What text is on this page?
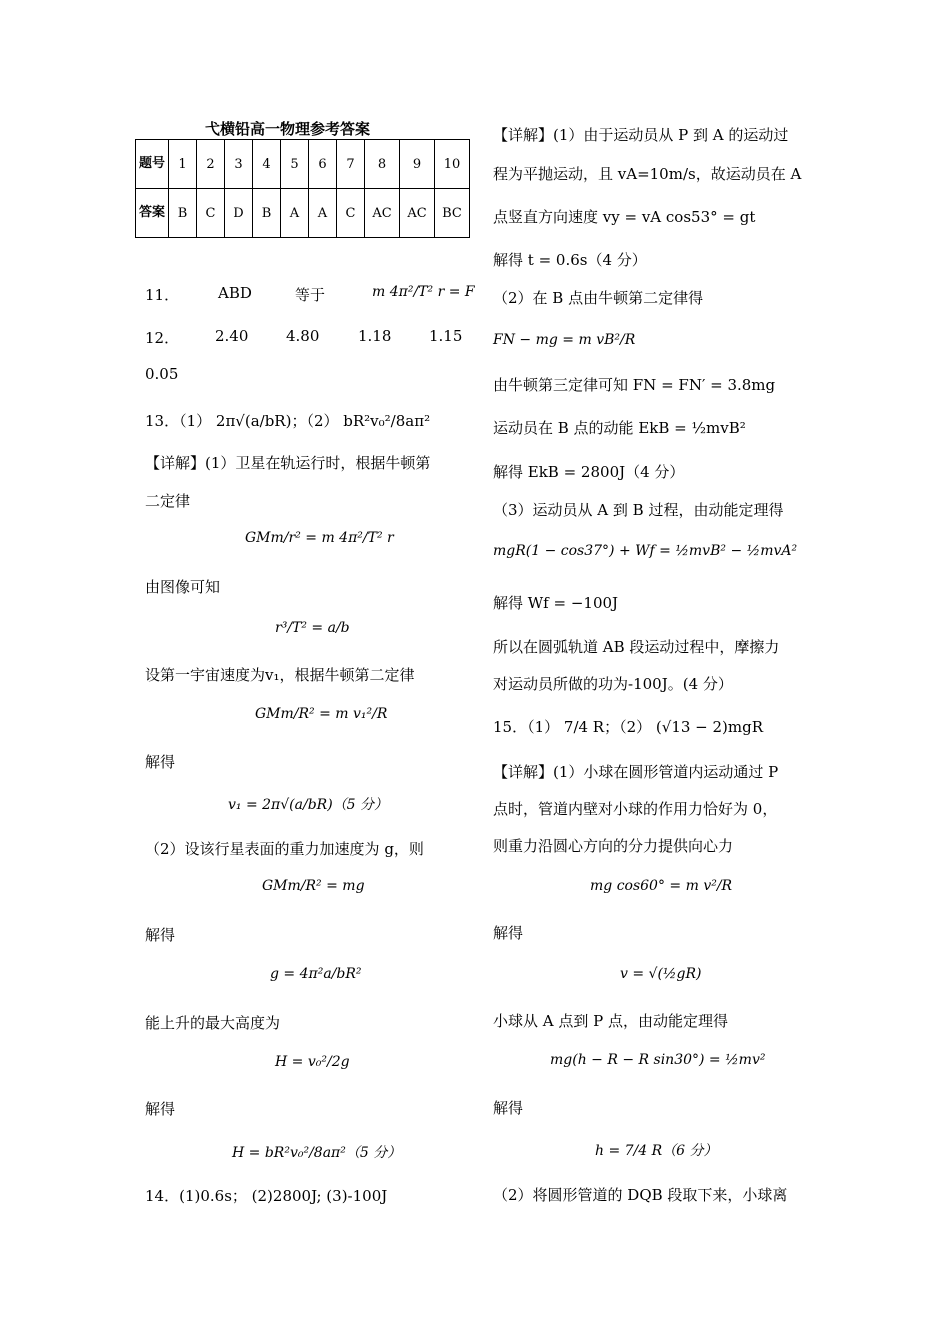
弋横铅高一物理参考答案
题号	1	2	3	4	5	6	7	8	9	10
答案	B	C	D	B	A	A	C	AC	AC	BC
11．	ABD	等于	m 4π²/T² r = F
12． 2.40	4.80	1.18	1.15
0.05
13．（1） 2π√(a/bR)；（2） bR²v₀²/8aπ²
【详解】(1）卫星在轨运行时，根据牛顿第
二定律
GMm/r² = m 4π²/T² r
由图像可知
r³/T² = a/b
设第一宇宙速度为v₁，根据牛顿第二定律
GMm/R² = m v₁²/R
解得
v₁ = 2π√(a/bR)（5 分）
（2）设该行星表面的重力加速度为 g，则
GMm/R² = mg
解得
g = 4π²a/bR²
能上升的最大高度为
H = v₀²/2g
解得
H = bR²v₀²/8aπ²（5 分）
14．(1)0.6s； (2)2800J; (3)-100J
【详解】(1）由于运动员从 P 到 A 的运动过
程为平抛运动，且 vA=10m/s，故运动员在 A
点竖直方向速度 vy = vA cos53° = gt
解得 t = 0.6s（4 分）
（2）在 B 点由牛顿第二定律得
FN − mg = m vB²/R
由牛顿第三定律可知 FN = FN′ = 3.8mg
运动员在 B 点的动能 EkB = ½mvB²
解得 EkB = 2800J（4 分）
（3）运动员从 A 到 B 过程，由动能定理得
mgR(1 − cos37°) + Wf = ½mvB² − ½mvA²
解得 Wf = −100J
所以在圆弧轨道 AB 段运动过程中，摩擦力
对运动员所做的功为-100J。(4 分）
15．（1） 7/4 R；（2） (√13 − 2)mgR
【详解】(1）小球在圆形管道内运动通过 P
点时，管道内壁对小球的作用力恰好为 0，
则重力沿圆心方向的分力提供向心力
mg cos60° = m v²/R
解得
v = √(½gR)
小球从 A 点到 P 点，由动能定理得
mg(h − R − R sin30°) = ½mv²
解得
h = 7/4 R（6 分）
（2）将圆形管道的 DQB 段取下来，小球离
